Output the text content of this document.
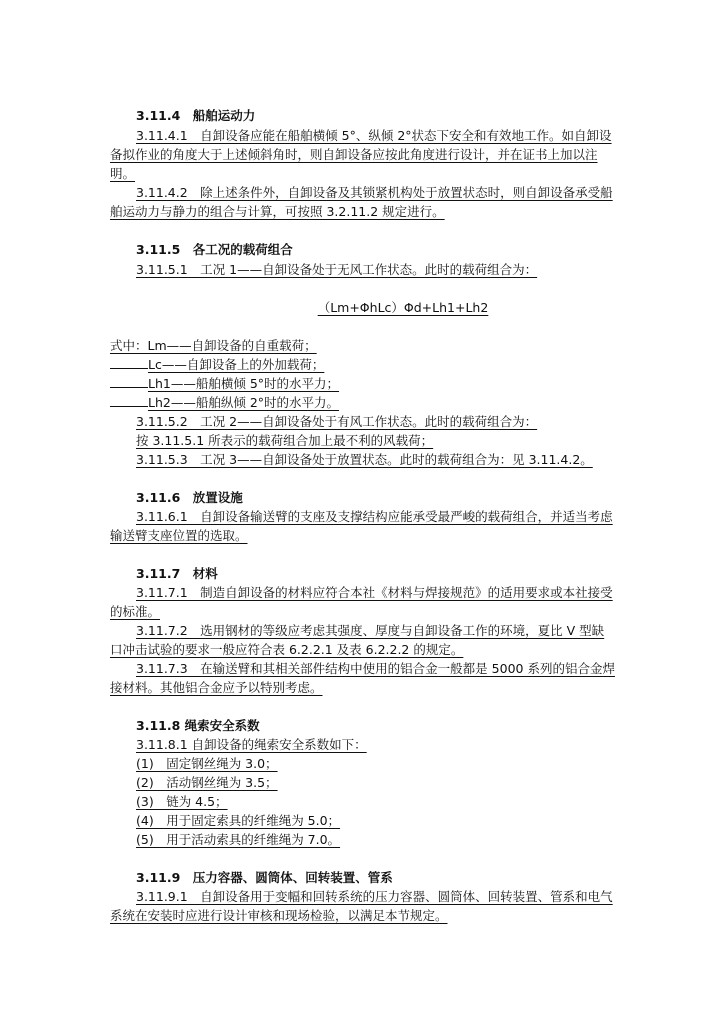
3.11.4　船舶运动力
3.11.4.1　自卸设备应能在船舶横倾 5°、纵倾 2°状态下安全和有效地工作。如自卸设备拟作业的角度大于上述倾斜角时，则自卸设备应按此角度进行设计，并在证书上加以注明。
3.11.4.2　除上述条件外，自卸设备及其锁紧机构处于放置状态时，则自卸设备承受船舶运动力与静力的组合与计算，可按照 3.2.11.2 规定进行。
3.11.5　各工况的载荷组合
3.11.5.1　工况 1——自卸设备处于无风工作状态。此时的载荷组合为：
（Lm+ΦhLc）Φd+Lh1+Lh2
式中：Lm——自卸设备的自重载荷；
Lc——自卸设备上的外加载荷；
Lh1——船舶横倾 5°时的水平力；
Lh2——船舶纵倾 2°时的水平力。
3.11.5.2　工况 2——自卸设备处于有风工作状态。此时的载荷组合为：
按 3.11.5.1 所表示的载荷组合加上最不利的风载荷；
3.11.5.3　工况 3——自卸设备处于放置状态。此时的载荷组合为：见 3.11.4.2。
3.11.6　放置设施
3.11.6.1　自卸设备输送臂的支座及支撑结构应能承受最严峻的载荷组合，并适当考虑输送臂支座位置的选取。
3.11.7　材料
3.11.7.1　制造自卸设备的材料应符合本社《材料与焊接规范》的适用要求或本社接受的标准。
3.11.7.2　选用钢材的等级应考虑其强度、厚度与自卸设备工作的环境，夏比 V 型缺口冲击试验的要求一般应符合表 6.2.2.1 及表 6.2.2.2 的规定。
3.11.7.3　在输送臂和其相关部件结构中使用的铝合金一般都是 5000 系列的铝合金焊接材料。其他铝合金应予以特别考虑。
3.11.8 绳索安全系数
3.11.8.1 自卸设备的绳索安全系数如下：
(1)　固定钢丝绳为 3.0；
(2)　活动钢丝绳为 3.5；
(3)　链为 4.5；
(4)　用于固定索具的纤维绳为 5.0；
(5)　用于活动索具的纤维绳为 7.0。
3.11.9　压力容器、圆筒体、回转装置、管系
3.11.9.1　自卸设备用于变幅和回转系统的压力容器、圆筒体、回转装置、管系和电气系统在安装时应进行设计审核和现场检验，以满足本节规定。
